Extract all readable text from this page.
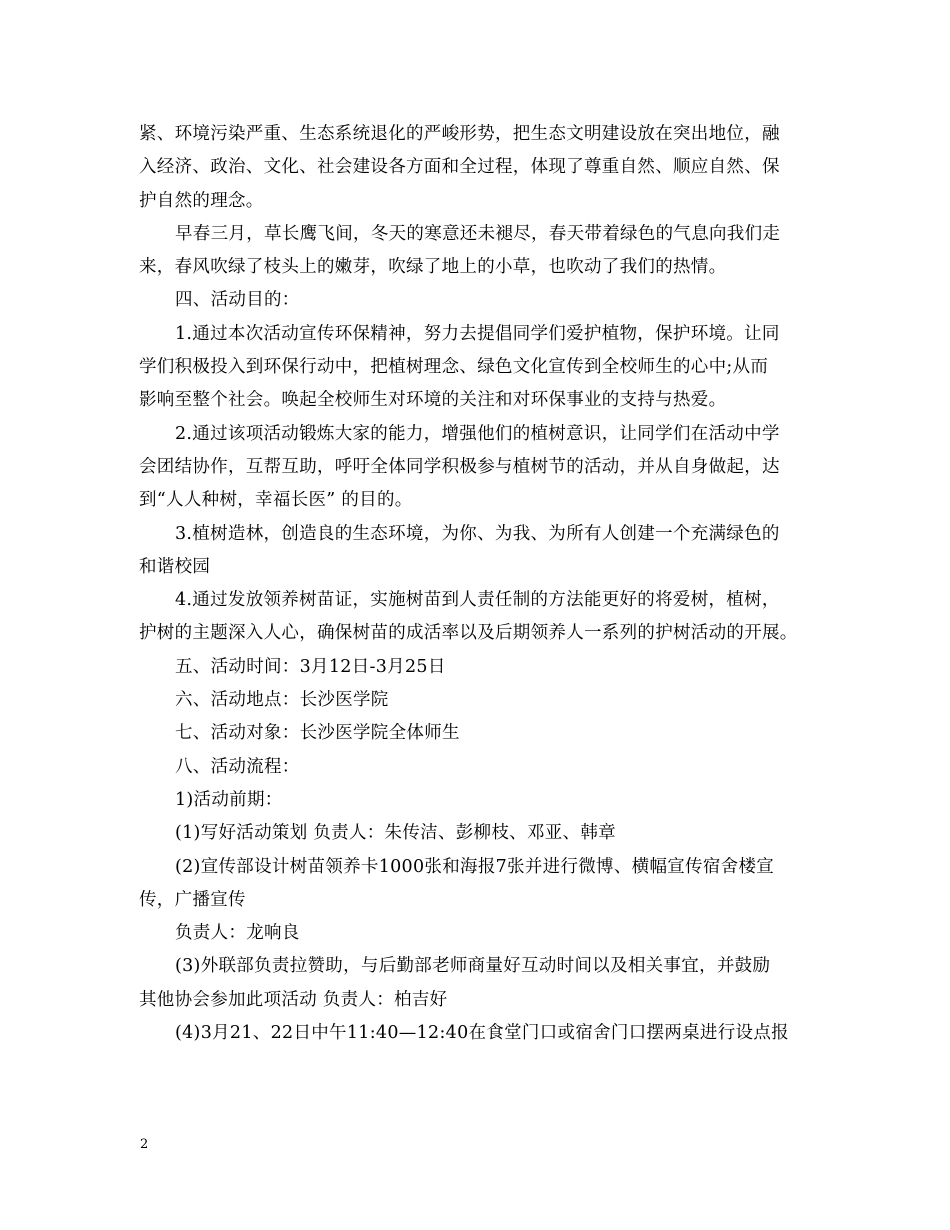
紧、环境污染严重、生态系统退化的严峻形势，把生态文明建设放在突出地位，融
入经济、政治、文化、社会建设各方面和全过程，体现了尊重自然、顺应自然、保
护自然的理念。
早春三月，草长鹰飞间，冬天的寒意还未褪尽，春天带着绿色的气息向我们走
来，春风吹绿了枝头上的嫩芽，吹绿了地上的小草，也吹动了我们的热情。
四、活动目的：
1.通过本次活动宣传环保精神，努力去提倡同学们爱护植物，保护环境。让同
学们积极投入到环保行动中，把植树理念、绿色文化宣传到全校师生的心中;从而
影响至整个社会。唤起全校师生对环境的关注和对环保事业的支持与热爱。
2.通过该项活动锻炼大家的能力，增强他们的植树意识，让同学们在活动中学
会团结协作，互帮互助，呼吁全体同学积极参与植树节的活动，并从自身做起，达
到“人人种树，幸福长医” 的目的。
3.植树造林，创造良的生态环境，为你、为我、为所有人创建一个充满绿色的
和谐校园
4.通过发放领养树苗证，实施树苗到人责任制的方法能更好的将爱树，植树，
护树的主题深入人心，确保树苗的成活率以及后期领养人一系列的护树活动的开展。
五、活动时间：3月12日-3月25日
六、活动地点：长沙医学院
七、活动对象：长沙医学院全体师生
八、活动流程：
1)活动前期：
(1)写好活动策划 负责人：朱传洁、彭柳枝、邓亚、韩章
(2)宣传部设计树苗领养卡1000张和海报7张并进行微博、横幅宣传宿舍楼宣
传，广播宣传
负责人：龙响良
(3)外联部负责拉赞助，与后勤部老师商量好互动时间以及相关事宜，并鼓励
其他协会参加此项活动 负责人：柏吉好
(4)3月21、22日中午11:40—12:40在食堂门口或宿舍门口摆两桌进行设点报
2
